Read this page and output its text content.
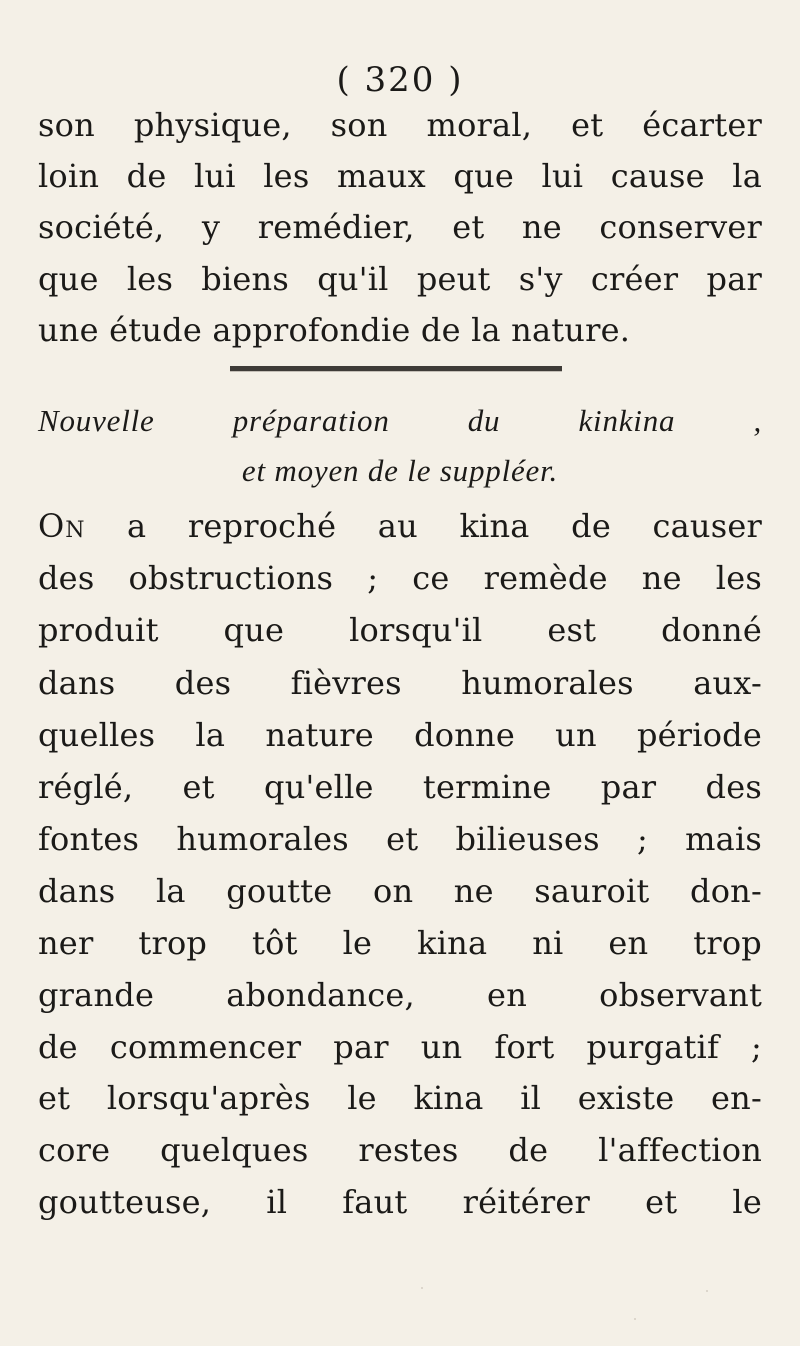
( 320 )
son physique, son moral, et écarter
loin de lui les maux que lui cause la
société, y remédier, et ne conserver
que les biens qu'il peut s'y créer par
une étude approfondie de la nature.
Nouvelle préparation du kinkina ,
et moyen de le suppléer.
On a reproché au kina de causer
des obstructions ; ce remède ne les
produit que lorsqu'il est donné
dans des fièvres humorales aux-
quelles la nature donne un période
réglé, et qu'elle termine par des
fontes humorales et bilieuses ; mais
dans la goutte on ne sauroit don-
ner trop tôt le kina ni en trop
grande abondance, en observant
de commencer par un fort purgatif ;
et lorsqu'après le kina il existe en-
core quelques restes de l'affection
goutteuse, il faut réitérer et le
